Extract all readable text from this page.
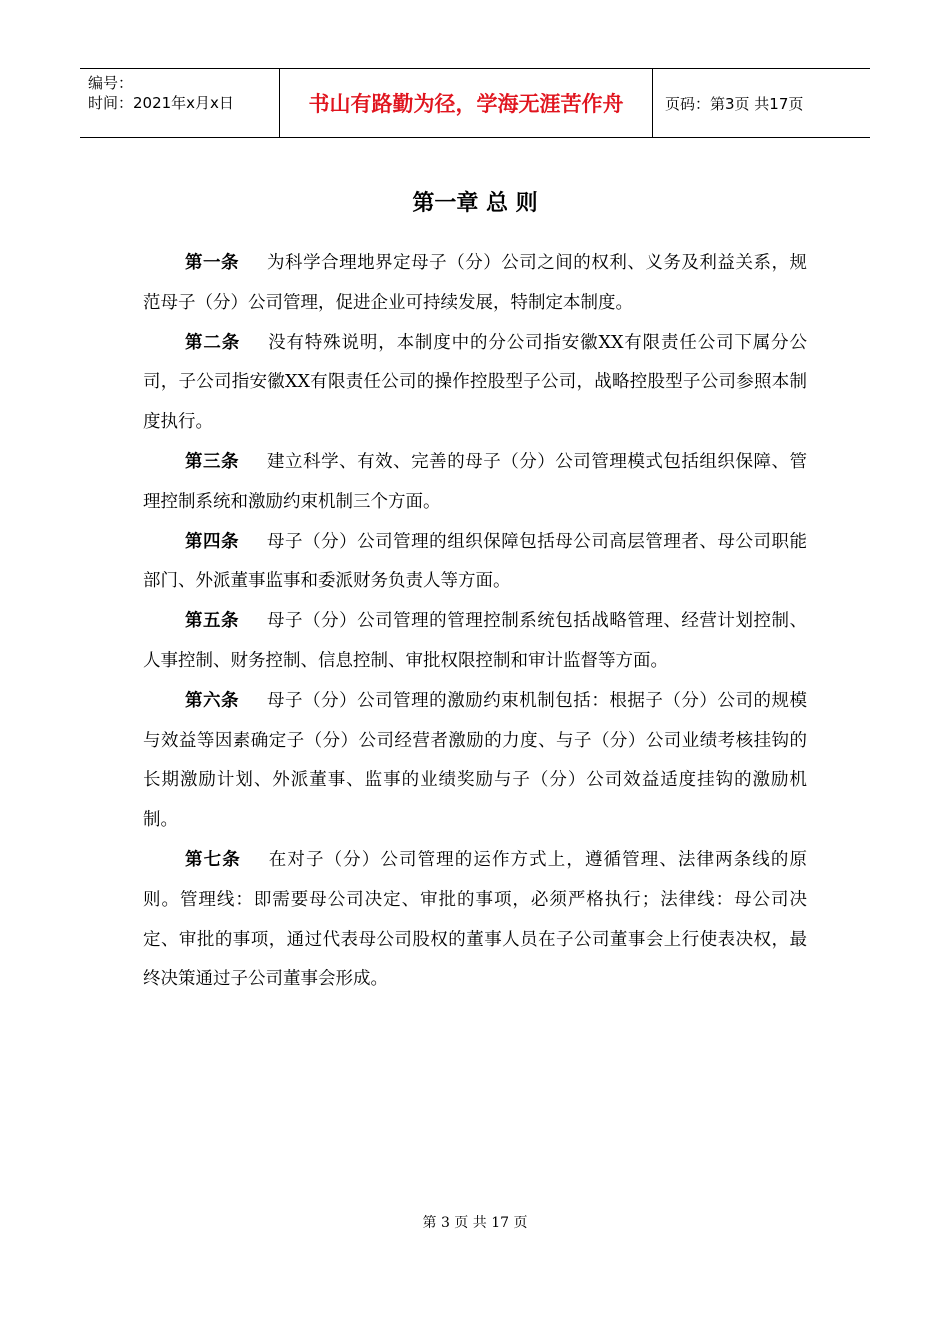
编号：
时间：2021年x月x日	书山有路勤为径，学海无涯苦作舟	页码：第3页 共17页
第一章 总 则

第一条 为科学合理地界定母子（分）公司之间的权利、义务及利益关系，规范母子（分）公司管理，促进企业可持续发展，特制定本制度。

第二条 没有特殊说明，本制度中的分公司指安徽XX有限责任公司下属分公司，子公司指安徽XX有限责任公司的操作控股型子公司，战略控股型子公司参照本制度执行。

第三条 建立科学、有效、完善的母子（分）公司管理模式包括组织保障、管理控制系统和激励约束机制三个方面。

第四条 母子（分）公司管理的组织保障包括母公司高层管理者、母公司职能部门、外派董事监事和委派财务负责人等方面。

第五条 母子（分）公司管理的管理控制系统包括战略管理、经营计划控制、人事控制、财务控制、信息控制、审批权限控制和审计监督等方面。

第六条 母子（分）公司管理的激励约束机制包括：根据子（分）公司的规模与效益等因素确定子（分）公司经营者激励的力度、与子（分）公司业绩考核挂钩的长期激励计划、外派董事、监事的业绩奖励与子（分）公司效益适度挂钩的激励机制。

第七条 在对子（分）公司管理的运作方式上，遵循管理、法律两条线的原则。管理线：即需要母公司决定、审批的事项，必须严格执行；法律线：母公司决定、审批的事项，通过代表母公司股权的董事人员在子公司董事会上行使表决权，最终决策通过子公司董事会形成。

第 3 页 共 17 页
